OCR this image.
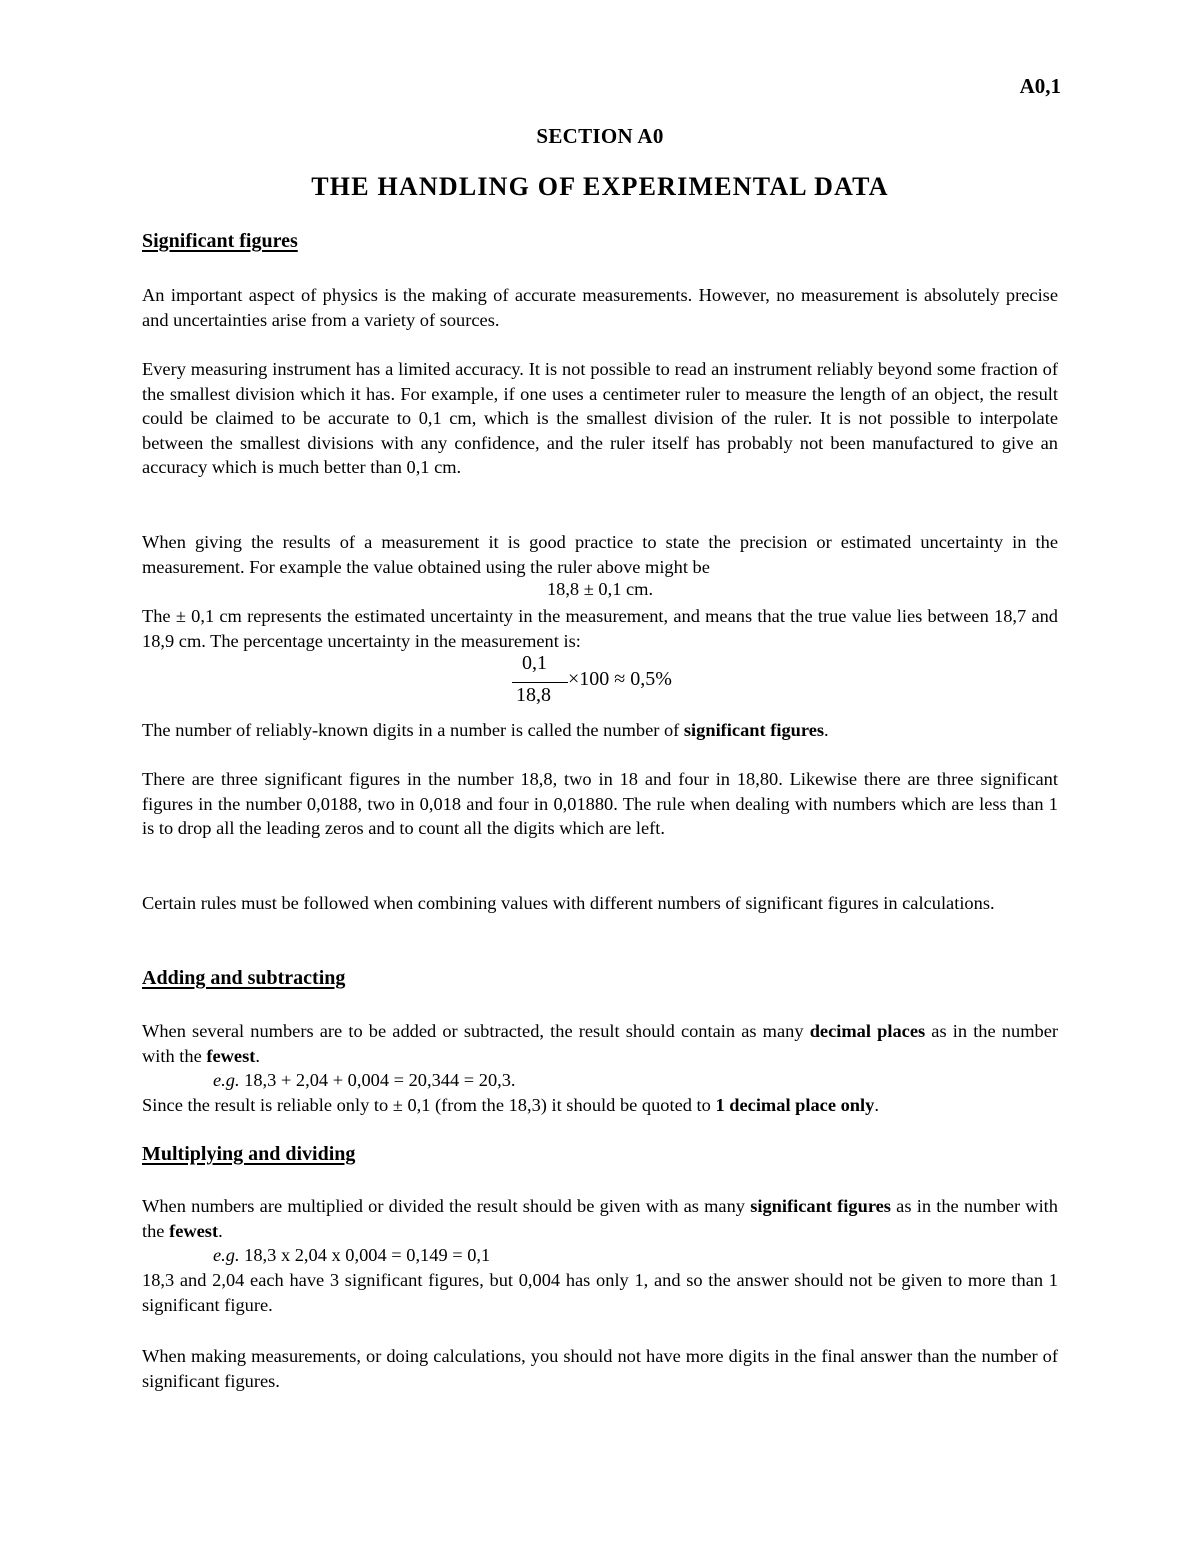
A0,1
SECTION A0
THE HANDLING OF EXPERIMENTAL DATA
Significant figures
An important aspect of physics is the making of accurate measurements. However, no measurement is absolutely precise and uncertainties arise from a variety of sources.
Every measuring instrument has a limited accuracy. It is not possible to read an instrument reliably beyond some fraction of the smallest division which it has. For example, if one uses a centimeter ruler to measure the length of an object, the result could be claimed to be accurate to 0,1 cm, which is the smallest division of the ruler. It is not possible to interpolate between the smallest divisions with any confidence, and the ruler itself has probably not been manufactured to give an accuracy which is much better than 0,1 cm.
When giving the results of a measurement it is good practice to state the precision or estimated uncertainty in the measurement. For example the value obtained using the ruler above might be
18,8 ± 0,1 cm.
The ± 0,1 cm represents the estimated uncertainty in the measurement, and means that the true value lies between 18,7 and 18,9 cm. The percentage uncertainty in the measurement is:
0,1
18,8
×100 ≈ 0,5%
The number of reliably-known digits in a number is called the number of significant figures.
There are three significant figures in the number 18,8, two in 18 and four in 18,80. Likewise there are three significant figures in the number 0,0188, two in 0,018 and four in 0,01880. The rule when dealing with numbers which are less than 1 is to drop all the leading zeros and to count all the digits which are left.
Certain rules must be followed when combining values with different numbers of significant figures in calculations.
Adding and subtracting
When several numbers are to be added or subtracted, the result should contain as many decimal places as in the number with the fewest.
e.g. 18,3 + 2,04 + 0,004 = 20,344 = 20,3.
Since the result is reliable only to ± 0,1 (from the 18,3) it should be quoted to 1 decimal place only.
Multiplying and dividing
When numbers are multiplied or divided the result should be given with as many significant figures as in the number with the fewest.
e.g. 18,3 x 2,04 x 0,004 = 0,149 = 0,1
18,3 and 2,04 each have 3 significant figures, but 0,004 has only 1, and so the answer should not be given to more than 1 significant figure.
When making measurements, or doing calculations, you should not have more digits in the final answer than the number of significant figures.
